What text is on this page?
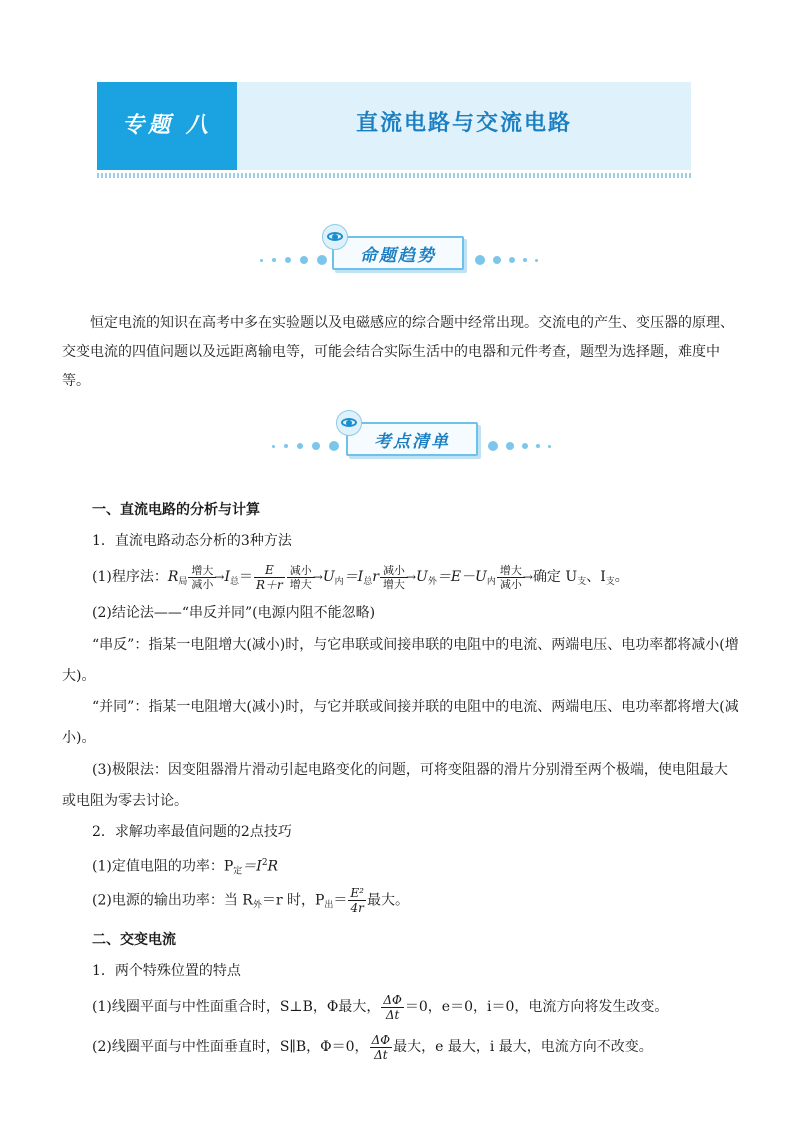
专题 八	直流电路与交流电路
命题趋势
恒定电流的知识在高考中多在实验题以及电磁感应的综合题中经常出现。交流电的产生、变压器的原理、交变电流的四值问题以及远距离输电等，可能会结合实际生活中的电器和元件考查，题型为选择题，难度中等。
考点清单
一、直流电路的分析与计算
1．直流电路动态分析的3种方法
(1)程序法：$R_局$
增大
减小 $\to I_总= \frac{E}{R+r}$ 减小
增大 $\to U_内=I_总r$ 减小
增大 $\to U_外=E-U_内$
增大
减小 →确定 $U_支$、$I_支$。
(2)结论法——“串反并同”(电源内阻不能忽略)
“串反”：指某一电阻增大(减小)时，与它串联或间接串联的电阻中的电流、两端电压、电功率都将减小(增
大)。
“并同”：指某一电阻增大(减小)时，与它并联或间接并联的电阻中的电流、两端电压、电功率都将增大(减
小)。
(3)极限法：因变阻器滑片滑动引起电路变化的问题，可将变阻器的滑片分别滑至两个极端，使电阻最大
或电阻为零去讨论。
2．求解功率最值问题的2点技巧
(1)定值电阻的功率：$P_定=I^2R$
(2)电源的输出功率：当 $R_外=r$ 时，$P_出= \frac{\text{E²}}{4r}$ 最大。
二、交变电流
1．两个特殊位置的特点
(1)线圈平面与中性面重合时，S⊥B，Φ最大， $\frac{\Delta\Phi}{\Delta t} =0$，e＝0，i＝0，电流方向将发生改变。
(2)线圈平面与中性面垂直时，S∥B，Φ＝0， $\frac{\Delta\Phi}{\Delta t}$ 最大，e 最大，i 最大，电流方向不改变。
